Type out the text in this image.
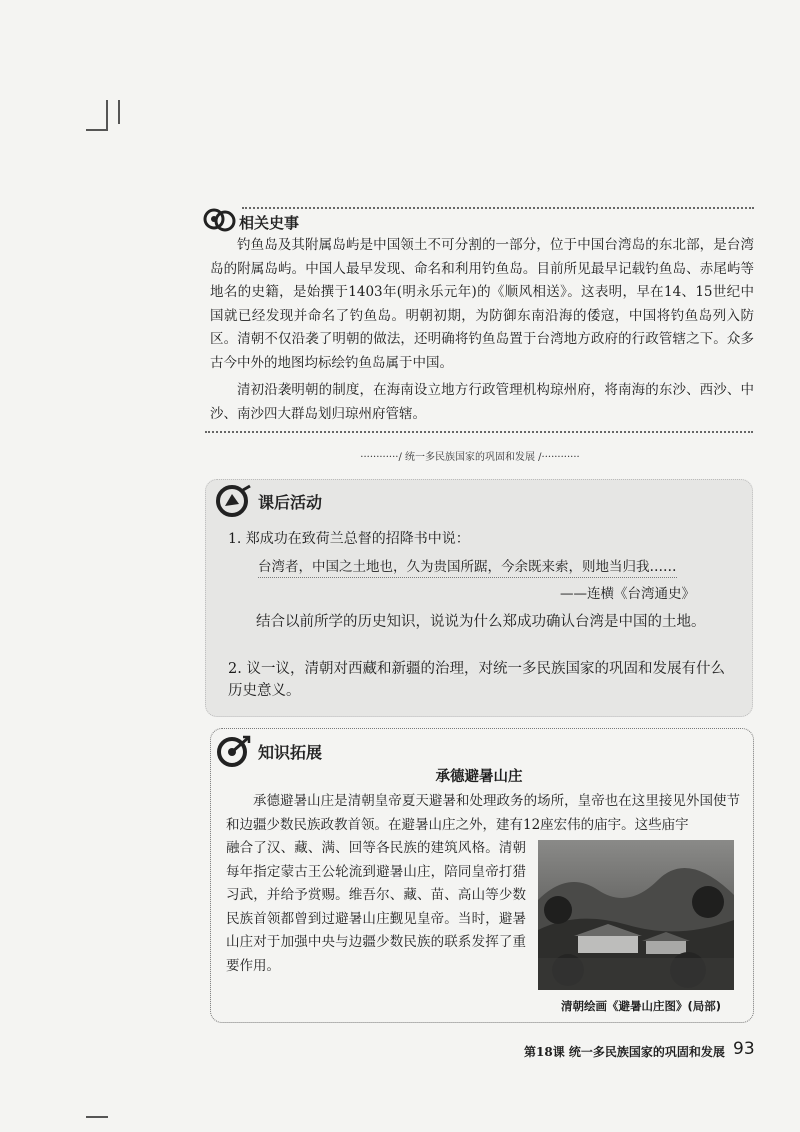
相关史事

钓鱼岛及其附属岛屿是中国领土不可分割的一部分，位于中国台湾岛的东北部，是台湾岛的附属岛屿。中国人最早发现、命名和利用钓鱼岛。目前所见最早记载钓鱼岛、赤尾屿等地名的史籍，是始撰于1403年(明永乐元年)的《顺风相送》。这表明，早在14、15世纪中国就已经发现并命名了钓鱼岛。明朝初期，为防御东南沿海的倭寇，中国将钓鱼岛列入防区。清朝不仅沿袭了明朝的做法，还明确将钓鱼岛置于台湾地方政府的行政管辖之下。众多古今中外的地图均标绘钓鱼岛属于中国。

清初沿袭明朝的制度，在海南设立地方行政管理机构琼州府，将南海的东沙、西沙、中沙、南沙四大群岛划归琼州府管辖。

············/ 统一多民族国家的巩固和发展 /············
课后活动
1. 郑成功在致荷兰总督的招降书中说：
台湾者，中国之土地也，久为贵国所踞，今余既来索，则地当归我……
——连横《台湾通史》
结合以前所学的历史知识，说说为什么郑成功确认台湾是中国的土地。
2. 议一议，清朝对西藏和新疆的治理，对统一多民族国家的巩固和发展有什么历史意义。
知识拓展
承德避暑山庄

承德避暑山庄是清朝皇帝夏天避暑和处理政务的场所，皇帝也在这里接见外国使节和边疆少数民族政教首领。在避暑山庄之外，建有12座宏伟的庙宇。这些庙宇

融合了汉、藏、满、回等各民族的建筑风格。清朝每年指定蒙古王公轮流到避暑山庄，陪同皇帝打猎习武，并给予赏赐。维吾尔、藏、苗、高山等少数民族首领都曾到过避暑山庄觐见皇帝。当时，避暑山庄对于加强中央与边疆少数民族的联系发挥了重要作用。

清朝绘画《避暑山庄图》(局部)
第18课 统一多民族国家的巩固和发展 93
